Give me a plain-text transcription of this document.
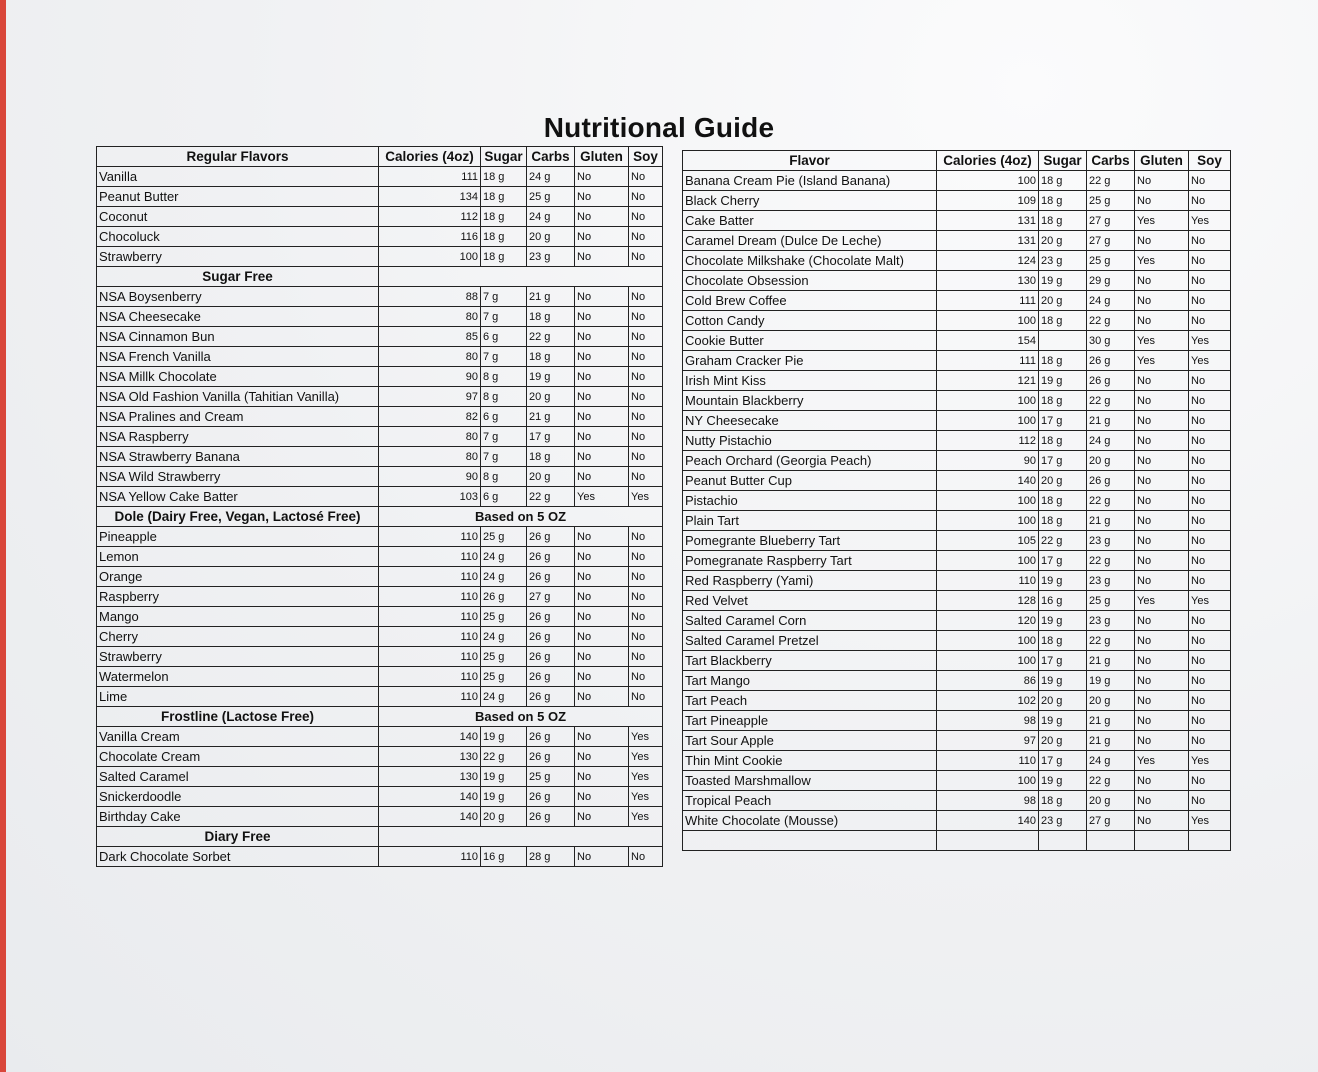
Nutritional Guide
Regular Flavors	Calories (4oz)	Sugar	Carbs	Gluten	Soy
Vanilla	111	18 g	24 g	No	No
Peanut Butter	134	18 g	25 g	No	No
Coconut	112	18 g	24 g	No	No
Chocoluck	116	18 g	20 g	No	No
Strawberry	100	18 g	23 g	No	No
Sugar Free					
NSA Boysenberry	88	7 g	21 g	No	No
NSA Cheesecake	80	7 g	18 g	No	No
NSA Cinnamon Bun	85	6 g	22 g	No	No
NSA French Vanilla	80	7 g	18 g	No	No
NSA Millk Chocolate	90	8 g	19 g	No	No
NSA Old Fashion Vanilla (Tahitian Vanilla)	97	8 g	20 g	No	No
NSA Pralines and Cream	82	6 g	21 g	No	No
NSA Raspberry	80	7 g	17 g	No	No
NSA Strawberry Banana	80	7 g	18 g	No	No
NSA Wild Strawberry	90	8 g	20 g	No	No
NSA Yellow Cake Batter	103	6 g	22 g	Yes	Yes
Dole (Dairy Free, Vegan, Lactosé Free)	Based on 5 OZ				
Pineapple	110	25 g	26 g	No	No
Lemon	110	24 g	26 g	No	No
Orange	110	24 g	26 g	No	No
Raspberry	110	26 g	27 g	No	No
Mango	110	25 g	26 g	No	No
Cherry	110	24 g	26 g	No	No
Strawberry	110	25 g	26 g	No	No
Watermelon	110	25 g	26 g	No	No
Lime	110	24 g	26 g	No	No
Frostline (Lactose Free)	Based on 5 OZ				
Vanilla Cream	140	19 g	26 g	No	Yes
Chocolate Cream	130	22 g	26 g	No	Yes
Salted Caramel	130	19 g	25 g	No	Yes
Snickerdoodle	140	19 g	26 g	No	Yes
Birthday Cake	140	20 g	26 g	No	Yes
Diary Free					
Dark Chocolate Sorbet	110	16 g	28 g	No	No
Flavor	Calories (4oz)	Sugar	Carbs	Gluten	Soy
Banana Cream Pie (Island Banana)	100	18 g	22 g	No	No
Black Cherry	109	18 g	25 g	No	No
Cake Batter	131	18 g	27 g	Yes	Yes
Caramel Dream (Dulce De Leche)	131	20 g	27 g	No	No
Chocolate Milkshake (Chocolate Malt)	124	23 g	25 g	Yes	No
Chocolate Obsession	130	19 g	29 g	No	No
Cold Brew Coffee	111	20 g	24 g	No	No
Cotton Candy	100	18 g	22 g	No	No
Cookie Butter	154		30 g	Yes	Yes
Graham Cracker Pie	111	18 g	26 g	Yes	Yes
Irish Mint Kiss	121	19 g	26 g	No	No
Mountain Blackberry	100	18 g	22 g	No	No
NY Cheesecake	100	17 g	21 g	No	No
Nutty Pistachio	112	18 g	24 g	No	No
Peach Orchard (Georgia Peach)	90	17 g	20 g	No	No
Peanut Butter Cup	140	20 g	26 g	No	No
Pistachio	100	18 g	22 g	No	No
Plain Tart	100	18 g	21 g	No	No
Pomegrante Blueberry Tart	105	22 g	23 g	No	No
Pomegranate Raspberry Tart	100	17 g	22 g	No	No
Red Raspberry (Yami)	110	19 g	23 g	No	No
Red Velvet	128	16 g	25 g	Yes	Yes
Salted Caramel Corn	120	19 g	23 g	No	No
Salted Caramel Pretzel	100	18 g	22 g	No	No
Tart Blackberry	100	17 g	21 g	No	No
Tart Mango	86	19 g	19 g	No	No
Tart Peach	102	20 g	20 g	No	No
Tart Pineapple	98	19 g	21 g	No	No
Tart Sour Apple	97	20 g	21 g	No	No
Thin Mint Cookie	110	17 g	24 g	Yes	Yes
Toasted Marshmallow	100	19 g	22 g	No	No
Tropical Peach	98	18 g	20 g	No	No
White Chocolate (Mousse)	140	23 g	27 g	No	Yes
